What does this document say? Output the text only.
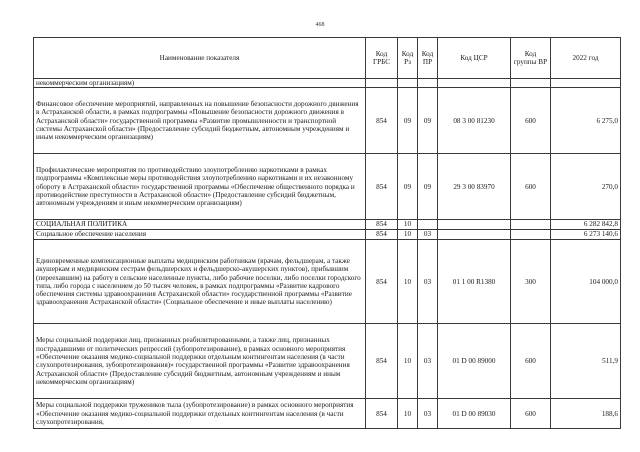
468
Наименование показателя	Код ГРБС	Код Рз	Код ПР	Код ЦСР	Код группы ВР	2022 год
некоммерческим организациям)						
Финансовое обеспечение мероприятий, направленных на повышение безопасности дорожного движения в Астраханской области, в рамках подпрограммы «Повышение безопасности дорожного движения в Астраханской области» государственной программы «Развитие промышленности и транспортной системы Астраханской области» (Предоставление субсидий бюджетным, автономным учреждениям и иным некоммерческим организациям)	854	09	09	08 3 00 81230	600	6 275,0
Профилактические мероприятия по противодействию злоупотреблению наркотиками в рамках подпрограммы «Комплексные меры противодействия злоупотреблению наркотиками и их незаконному обороту в Астраханской области» государственной программы «Обеспечение общественного порядка и противодействие преступности в Астраханской области» (Предоставление субсидий бюджетным, автономным учреждениям и иным некоммерческим организациям)	854	09	09	29 3 00 83970	600	270,0
СОЦИАЛЬНАЯ ПОЛИТИКА	854	10				6 282 842,8
Социальное обеспечение населения	854	10	03			6 273 140,6
Единовременные компенсационные выплаты медицинским работникам (врачам, фельдшерам, а также акушеркам и медицинским сестрам фельдшерских и фельдшерско-акушерских пунктов), прибывшим (переехавшим) на работу в сельские населенные пункты, либо рабочие поселки, либо поселки городского типа, либо города с населением до 50 тысяч человек, в рамках подпрограммы «Развитие кадрового обеспечения системы здравоохранения Астраханской области» государственной программы «Развитие здравоохранения Астраханской области» (Социальное обеспечение и иные выплаты населению)	854	10	03	01 1 00 R1380	300	104 000,0
Меры социальной поддержки лиц, признанных реабилитированными, а также лиц, признанных пострадавшими от политических репрессий (зубопротезирование), в рамках основного мероприятия «Обеспечение оказания медико-социальной поддержки отдельным контингентам населения (в части слухопротезирования, зубопротезирования)» государственной программы «Развитие здравоохранения Астраханской области» (Предоставление субсидий бюджетным, автономным учреждениям и иным некоммерческим организациям)	854	10	03	01 D 00 89000	600	511,9
Меры социальной поддержки тружеников тыла (зубопротезирование) в рамках основного мероприятия «Обеспечение оказания медико-социальной поддержки отдельных контингентам населения (в части слухопротезирования,	854	10	03	01 D 00 89030	600	188,6
